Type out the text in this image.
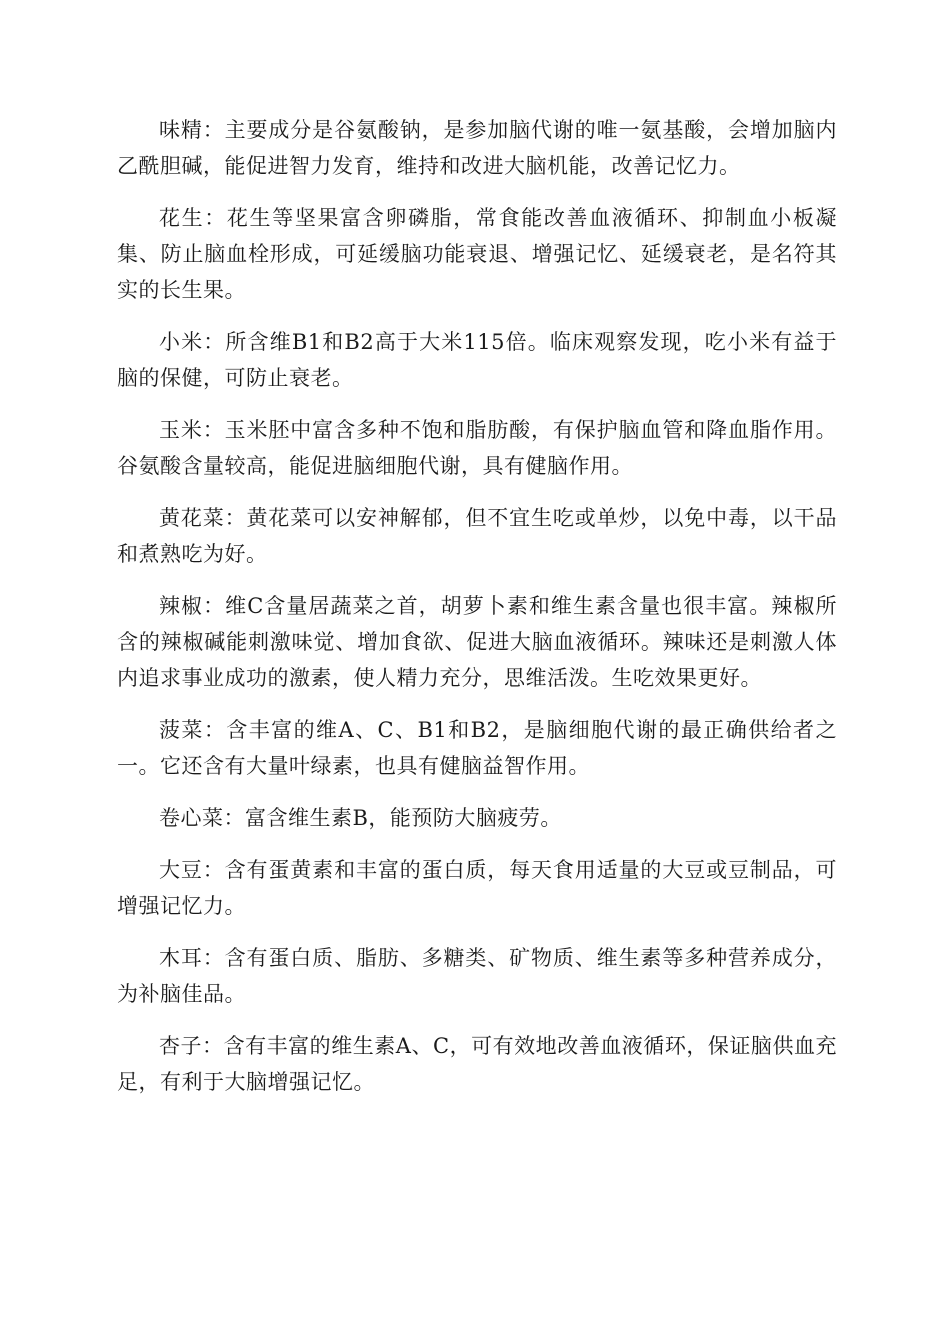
味精：主要成分是谷氨酸钠，是参加脑代谢的唯一氨基酸，会增加脑内乙酰胆碱，能促进智力发育，维持和改进大脑机能，改善记忆力。

花生：花生等坚果富含卵磷脂，常食能改善血液循环、抑制血小板凝集、防止脑血栓形成，可延缓脑功能衰退、增强记忆、延缓衰老，是名符其实的长生果。

小米：所含维B1和B2高于大米115倍。临床观察发现，吃小米有益于脑的保健，可防止衰老。

玉米：玉米胚中富含多种不饱和脂肪酸，有保护脑血管和降血脂作用。谷氨酸含量较高，能促进脑细胞代谢，具有健脑作用。

黄花菜：黄花菜可以安神解郁，但不宜生吃或单炒，以免中毒，以干品和煮熟吃为好。

辣椒：维C含量居蔬菜之首，胡萝卜素和维生素含量也很丰富。辣椒所含的辣椒碱能刺激味觉、增加食欲、促进大脑血液循环。辣味还是刺激人体内追求事业成功的激素，使人精力充分，思维活泼。生吃效果更好。

菠菜：含丰富的维A、C、B1和B2，是脑细胞代谢的最正确供给者之一。它还含有大量叶绿素，也具有健脑益智作用。

卷心菜：富含维生素B，能预防大脑疲劳。

大豆：含有蛋黄素和丰富的蛋白质，每天食用适量的大豆或豆制品，可增强记忆力。

木耳：含有蛋白质、脂肪、多糖类、矿物质、维生素等多种营养成分，为补脑佳品。

杏子：含有丰富的维生素A、C，可有效地改善血液循环，保证脑供血充足，有利于大脑增强记忆。
